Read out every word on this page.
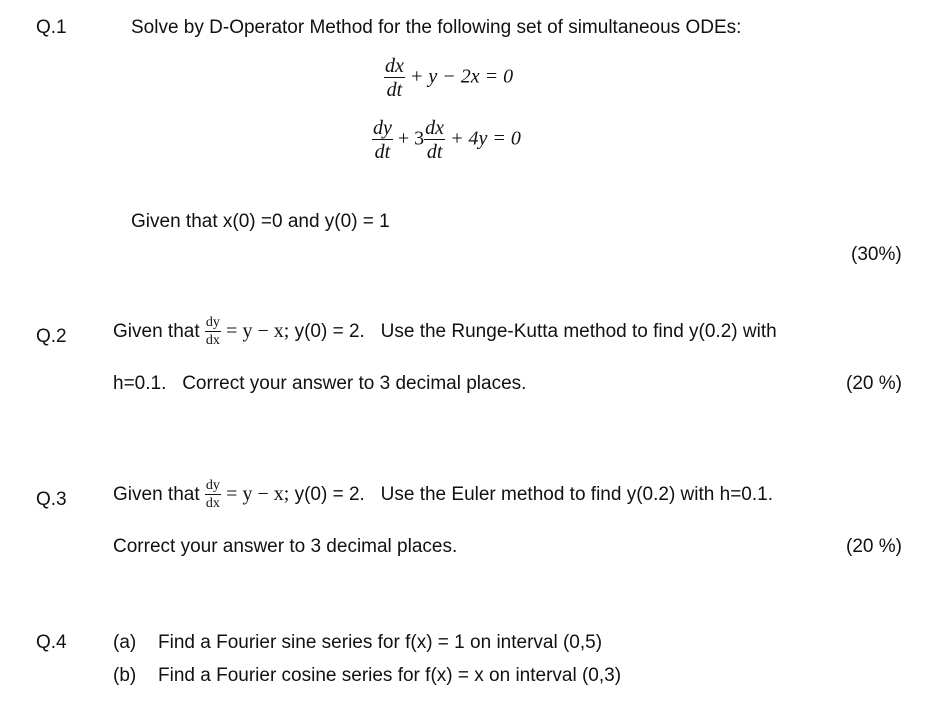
Q.1	Solve by D-Operator Method for the following set of simultaneous ODEs:
$\frac{dx}{dt} + y - 2x = 0$
$\frac{dy}{dt} + 3 \frac{dx}{dt} + 4y = 0$
Given that x(0) =0 and y(0) = 1
(30%)
Q.2 Given that $\frac{dy}{dx} = y - x$; y(0) = 2.   Use the Runge-Kutta method to find y(0.2) with
h=0.1.   Correct your answer to 3 decimal places.	(20 %)
Q.3 Given that $\frac{dy}{dx} = y - x$; y(0) = 2.   Use the Euler method to find y(0.2) with h=0.1.
Correct your answer to 3 decimal places.	(20 %)
Q.4 (a) Find a Fourier sine series for f(x) = 1 on interval (0,5)
(b) Find a Fourier cosine series for f(x) = x on interval (0,3)
